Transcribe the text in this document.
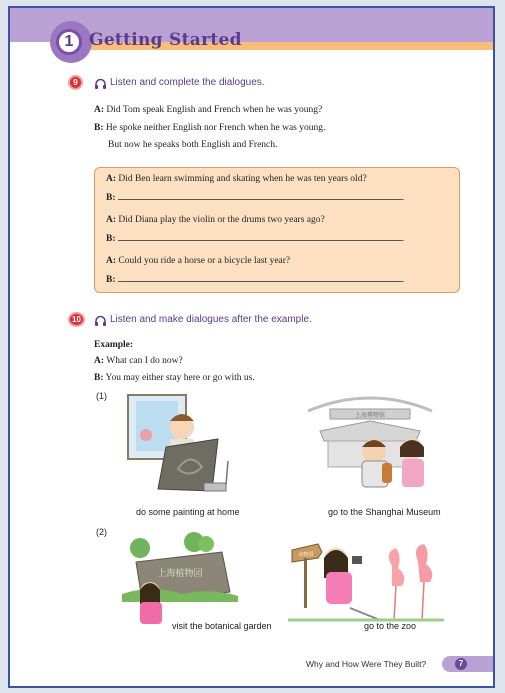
1 Getting Started
9	Listen and complete the dialogues.
A: Did Tom speak English and French when he was young?
B: He spoke neither English nor French when he was young.
But now he speaks both English and French.
A: Did Ben learn swimming and skating when he was ten years old?
B:	.
A: Did Diana play the violin or the drums two years ago?
B:	.
A: Could you ride a horse or a bicycle last year?
B:	.
10	Listen and make dialogues after the example.
Example:
A: What can I do now?
B: You may either stay here or go with us.
(1)
上海博物馆
do some painting at home	go to the Shanghai Museum
(2)
上海植物园
动物园
visit the botanical garden	go to the zoo
Why and How Were They Built?	7
